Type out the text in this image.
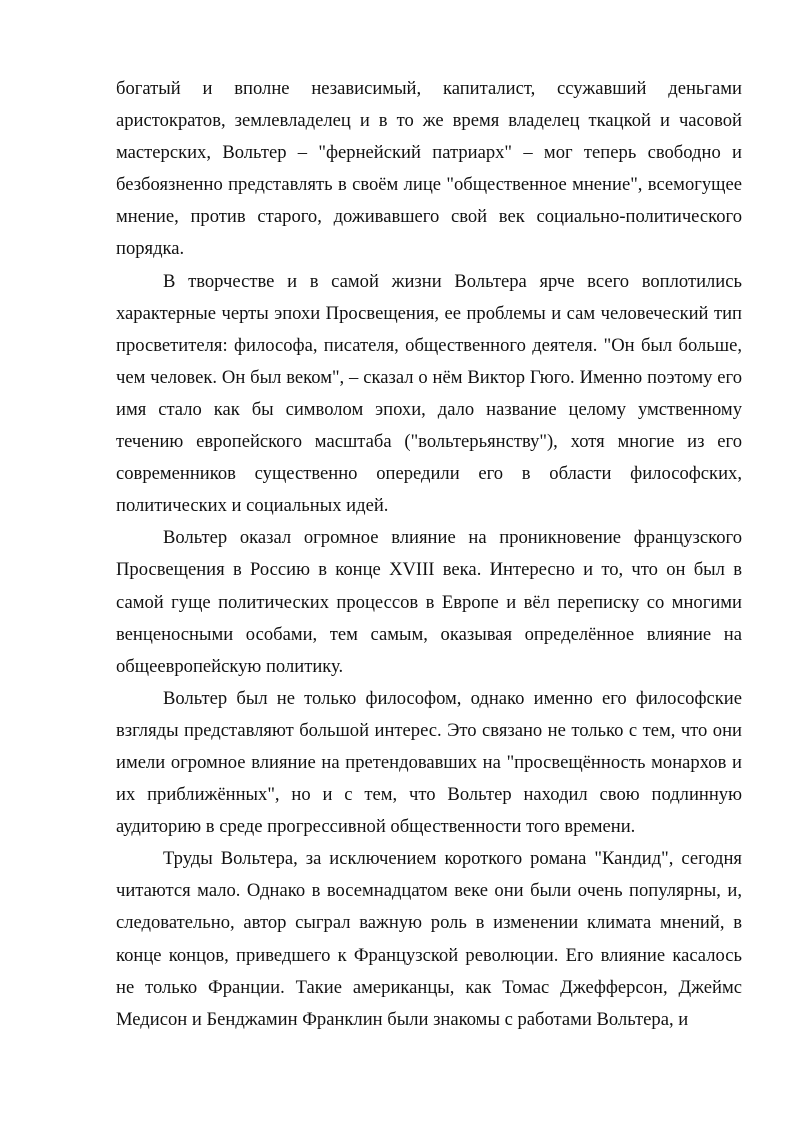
богатый и вполне независимый, капиталист, ссужавший деньгами аристократов, землевладелец и в то же время владелец ткацкой и часовой мастерских, Вольтер – "фернейский патриарх" – мог теперь свободно и безбоязненно представлять в своём лице "общественное мнение", всемогущее мнение, против старого, доживавшего свой век социально-политического порядка.

В творчестве и в самой жизни Вольтера ярче всего воплотились характерные черты эпохи Просвещения, ее проблемы и сам человеческий тип просветителя: философа, писателя, общественного деятеля. "Он был больше, чем человек. Он был веком", – сказал о нём Виктор Гюго. Именно поэтому его имя стало как бы символом эпохи, дало название целому умственному течению европейского масштаба ("вольтерьянству"), хотя многие из его современников существенно опередили его в области философских, политических и социальных идей.

Вольтер оказал огромное влияние на проникновение французского Просвещения в Россию в конце XVIII века. Интересно и то, что он был в самой гуще политических процессов в Европе и вёл переписку со многими венценосными особами, тем самым, оказывая определённое влияние на общеевропейскую политику.

Вольтер был не только философом, однако именно его философские взгляды представляют большой интерес. Это связано не только с тем, что они имели огромное влияние на претендовавших на "просвещённость монархов и их приближённых", но и с тем, что Вольтер находил свою подлинную аудиторию в среде прогрессивной общественности того времени.

Труды Вольтера, за исключением короткого романа "Кандид", сегодня читаются мало. Однако в восемнадцатом веке они были очень популярны, и, следовательно, автор сыграл важную роль в изменении климата мнений, в конце концов, приведшего к Французской революции. Его влияние касалось не только Франции. Такие американцы, как Томас Джефферсон, Джеймс Медисон и Бенджамин Франклин были знакомы с работами Вольтера, и
